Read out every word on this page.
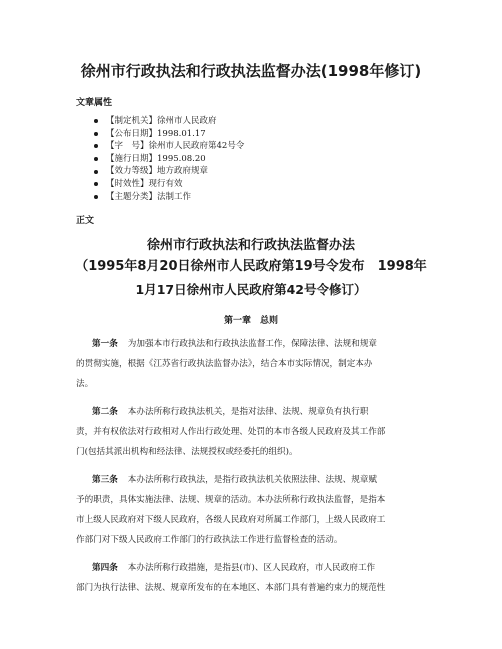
徐州市行政执法和行政执法监督办法(1998年修订)
文章属性
【制定机关】徐州市人民政府
【公布日期】1998.01.17
【字　号】徐州市人民政府第42号令
【施行日期】1995.08.20
【效力等级】地方政府规章
【时效性】现行有效
【主题分类】法制工作
正文
徐州市行政执法和行政执法监督办法
（1995年8月20日徐州市人民政府第19号令发布　1998年
1月17日徐州市人民政府第42号令修订）
第一章　总则

第一条 为加强本市行政执法和行政执法监督工作，保障法律、法规和规章

的贯彻实施，根据《江苏省行政执法监督办法》，结合本市实际情况，制定本办

法。

第二条 本办法所称行政执法机关，是指对法律、法规、规章负有执行职

责，并有权依法对行政相对人作出行政处理、处罚的本市各级人民政府及其工作部

门(包括其派出机构和经法律、法规授权或经委托的组织)。

第三条 本办法所称行政执法，是指行政执法机关依照法律、法规、规章赋

予的职责，具体实施法律、法规、规章的活动。本办法所称行政执法监督，是指本

市上级人民政府对下级人民政府，各级人民政府对所属工作部门，上级人民政府工

作部门对下级人民政府工作部门的行政执法工作进行监督检查的活动。

第四条 本办法所称行政措施，是指县(市)、区人民政府，市人民政府工作

部门为执行法律、法规、规章所发布的在本地区、本部门具有普遍约束力的规范性
